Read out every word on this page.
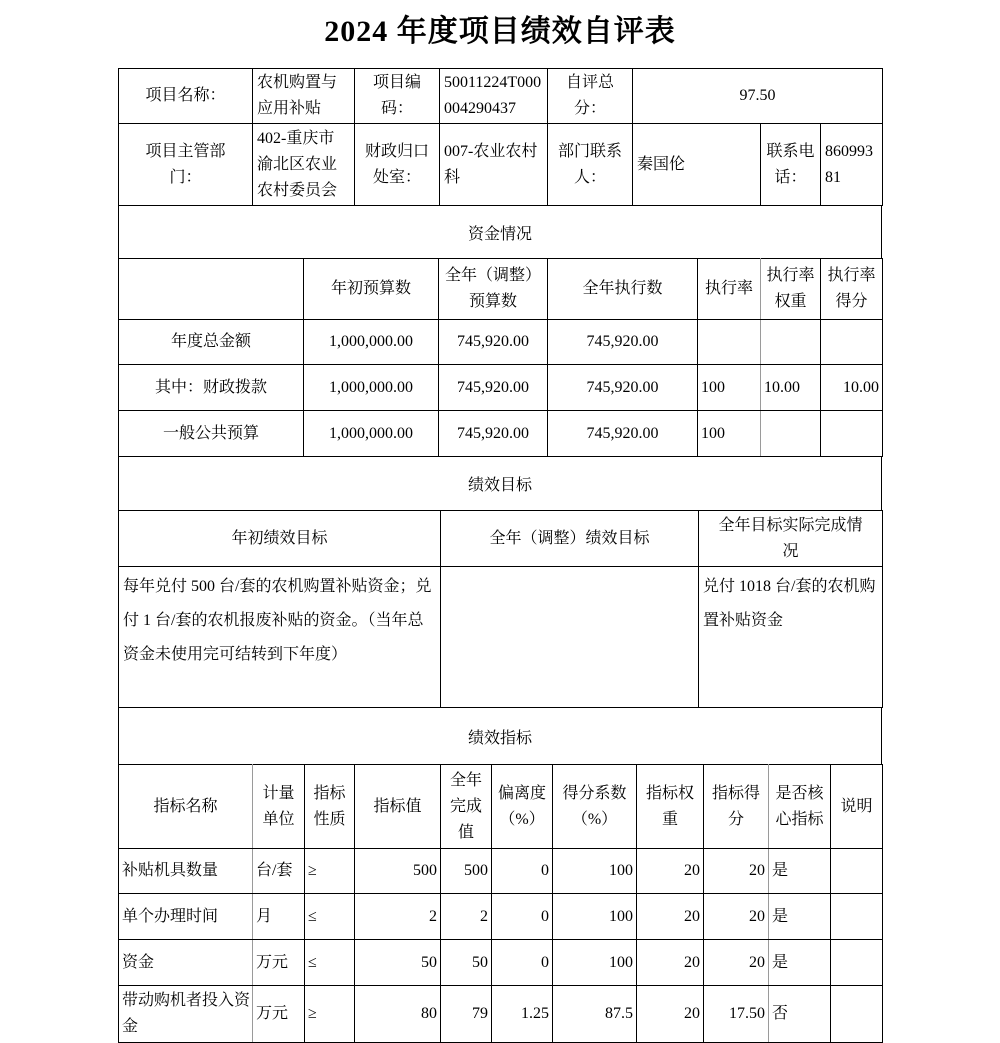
2024 年度项目绩效自评表
项目名称：	农机购置与应用补贴	项目编码：	50011224T000004290437	自评总分：	97.50		
项目主管部门：	402-重庆市渝北区农业农村委员会	财政归口处室：	007-农业农村科	部门联系人：	秦国伦	联系电话：	86099381
资金情况
	年初预算数	全年（调整）预算数	全年执行数	执行率	执行率权重	执行率得分
年度总金额	1,000,000.00	745,920.00	745,920.00			
其中：财政拨款	1,000,000.00	745,920.00	745,920.00	100	10.00	10.00
一般公共预算	1,000,000.00	745,920.00	745,920.00	100		
绩效目标
年初绩效目标	全年（调整）绩效目标	全年目标实际完成情况
每年兑付 500 台/套的农机购置补贴资金；兑付 1 台/套的农机报废补贴的资金。（当年总资金未使用完可结转到下年度）		兑付 1018 台/套的农机购置补贴资金
绩效指标
指标名称	计量单位	指标性质	指标值	全年完成值	偏离度（%）	得分系数（%）	指标权重	指标得分	是否核心指标	说明
补贴机具数量	台/套	≥	500	500	0	100	20	20	是	
单个办理时间	月	≤	2	2	0	100	20	20	是	
资金	万元	≤	50	50	0	100	20	20	是	
带动购机者投入资金	万元	≥	80	79	1.25	87.5	20	17.50	否	
